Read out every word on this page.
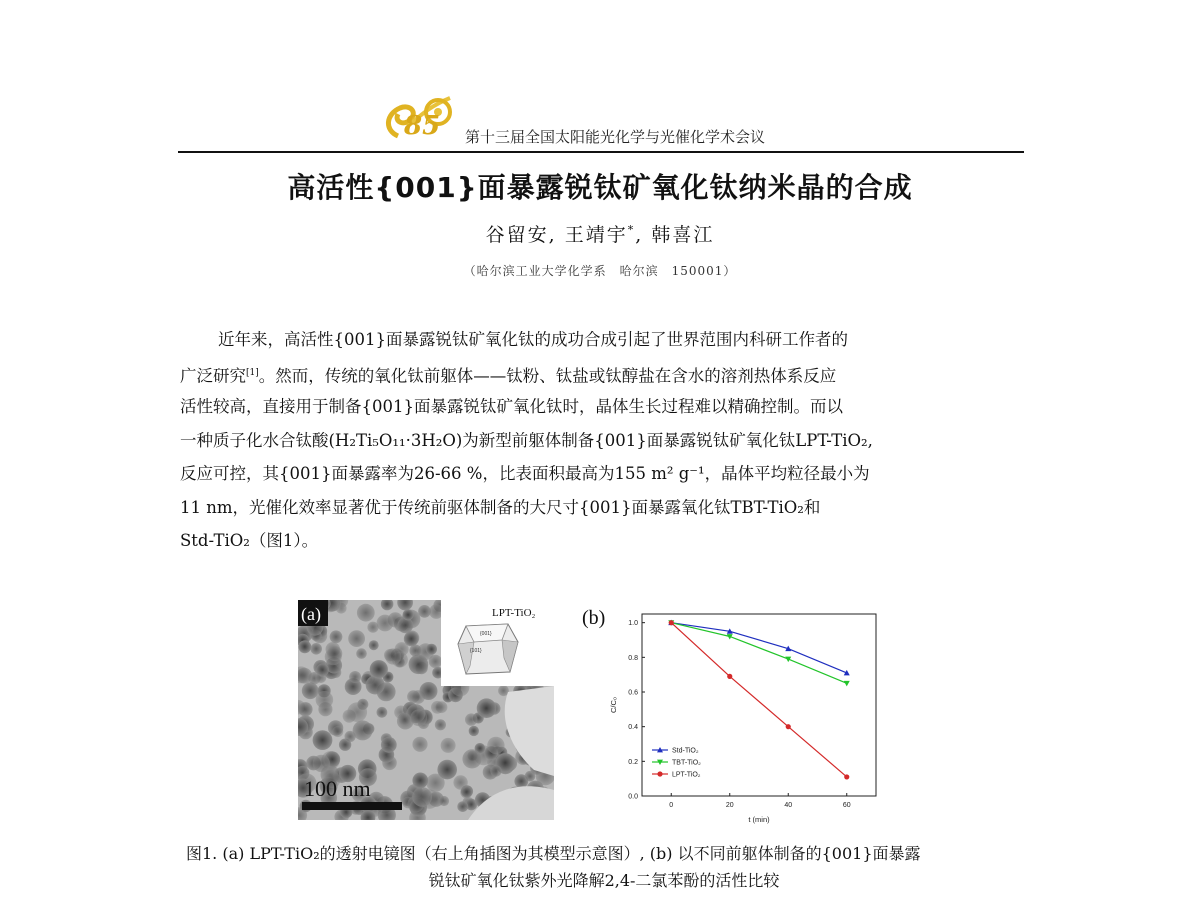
85 第十三届全国太阳能光化学与光催化学术会议
高活性{001}面暴露锐钛矿氧化钛纳米晶的合成
谷留安, 王靖宇*, 韩喜江
（哈尔滨工业大学化学系　哈尔滨　150001）
近年来，高活性{001}面暴露锐钛矿氧化钛的成功合成引起了世界范围内科研工作者的
广泛研究[1]。然而，传统的氧化钛前躯体——钛粉、钛盐或钛醇盐在含水的溶剂热体系反应
活性较高，直接用于制备{001}面暴露锐钛矿氧化钛时，晶体生长过程难以精确控制。而以
一种质子化水合钛酸(H₂Ti₅O₁₁·3H₂O)为新型前躯体制备{001}面暴露锐钛矿氧化钛LPT-TiO₂,
反应可控，其{001}面暴露率为26-66 %，比表面积最高为155 m² g⁻¹，晶体平均粒径最小为
11 nm，光催化效率显著优于传统前驱体制备的大尺寸{001}面暴露氧化钛TBT-TiO₂和
Std-TiO₂（图1）。
LPT-TiO₂
{001}
{101}
(a)
100 nm
(b)
0	20	40	60
0.0
0.2
0.4
0.6
0.8
1.0
t (min)
C/C₀
Std-TiO₂
TBT-TiO₂
LPT-TiO₂
图1. (a) LPT-TiO₂的透射电镜图（右上角插图为其模型示意图）, (b) 以不同前躯体制备的{001}面暴露
锐钛矿氧化钛紫外光降解2,4-二氯苯酚的活性比较
